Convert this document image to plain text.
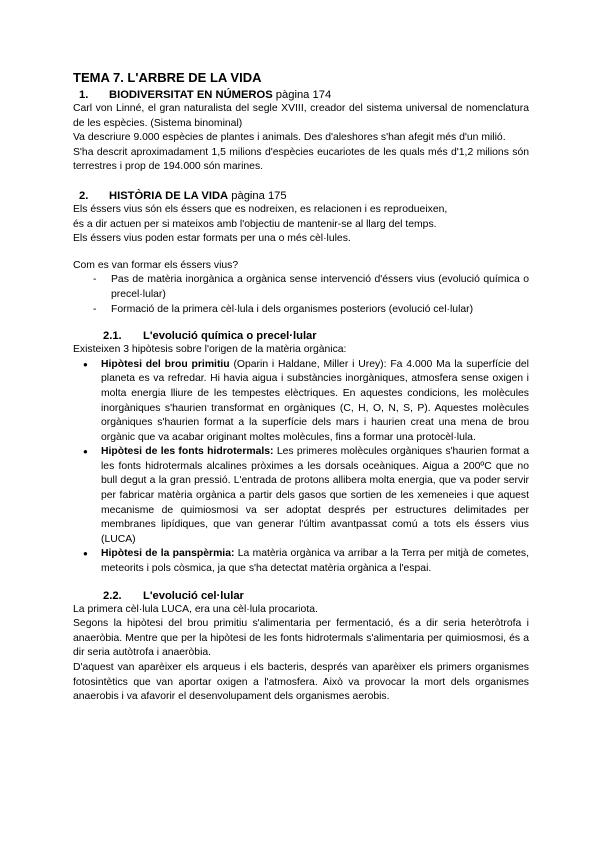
TEMA 7. L'ARBRE DE LA VIDA
1. BIODIVERSITAT EN NÚMEROS pàgina 174

Carl von Linné, el gran naturalista del segle XVIII, creador del sistema universal de nomenclatura de les espècies. (Sistema binominal)

Va descriure 9.000 espècies de plantes i animals. Des d'aleshores s'han afegit més d'un milió.

S'ha descrit aproximadament 1,5 milions d'espècies eucariotes de les quals més d'1,2 milions són terrestres i prop de 194.000 són marines.

2. HISTÒRIA DE LA VIDA pàgina 175

Els éssers vius són els éssers que es nodreixen, es relacionen i es reprodueixen,

és a dir actuen per si mateixos amb l'objectiu de mantenir-se al llarg del temps.

Els éssers vius poden estar formats per una o més cèl·lules.

Com es van formar els éssers vius?

- Pas de matèria inorgànica a orgànica sense intervenció d'éssers vius (evolució química o precel·lular)
- Formació de la primera cèl·lula i dels organismes posteriors (evolució cel·lular)
2.1. L'evolució química o precel·lular

Existeixen 3 hipòtesis sobre l'origen de la matèria orgànica:

● Hipòtesi del brou primitiu (Oparin i Haldane, Miller i Urey): Fa 4.000 Ma la superfície del planeta es va refredar. Hi havia aigua i substàncies inorgàniques, atmosfera sense oxigen i molta energia lliure de les tempestes elèctriques. En aquestes condicions, les molècules inorgàniques s'haurien transformat en orgàniques (C, H, O, N, S, P). Aquestes molècules orgàniques s'haurien format a la superfície dels mars i haurien creat una mena de brou orgànic que va acabar originant moltes molècules, fins a formar una protocèl·lula.
● Hipòtesi de les fonts hidrotermals: Les primeres molècules orgàniques s'haurien format a les fonts hidrotermals alcalines pròximes a les dorsals oceàniques. Aigua a 200ºC que no bull degut a la gran pressió. L'entrada de protons allibera molta energia, que va poder servir per fabricar matèria orgànica a partir dels gasos que sortien de les xemeneies i que aquest mecanisme de quimiosmosi va ser adoptat després per estructures delimitades per membranes lipídiques, que van generar l'últim avantpassat comú a tots els éssers vius (LUCA)
● Hipòtesi de la panspèrmia: La matèria orgànica va arribar a la Terra per mitjà de cometes, meteorits i pols còsmica, ja que s'ha detectat matèria orgànica a l'espai.
2.2. L'evolució cel·lular

La primera cèl·lula LUCA, era una cèl·lula procariota.

Segons la hipòtesi del brou primitiu s'alimentaria per fermentació, és a dir seria heteròtrofa i anaeròbia. Mentre que per la hipòtesi de les fonts hidrotermals s'alimentaria per quimiosmosi, és a dir seria autòtrofa i anaeròbia.

D'aquest van aparèixer els arqueus i els bacteris, després van aparèixer els primers organismes fotosintètics que van aportar oxigen a l'atmosfera. Això va provocar la mort dels organismes anaerobis i va afavorir el desenvolupament dels organismes aerobis.
